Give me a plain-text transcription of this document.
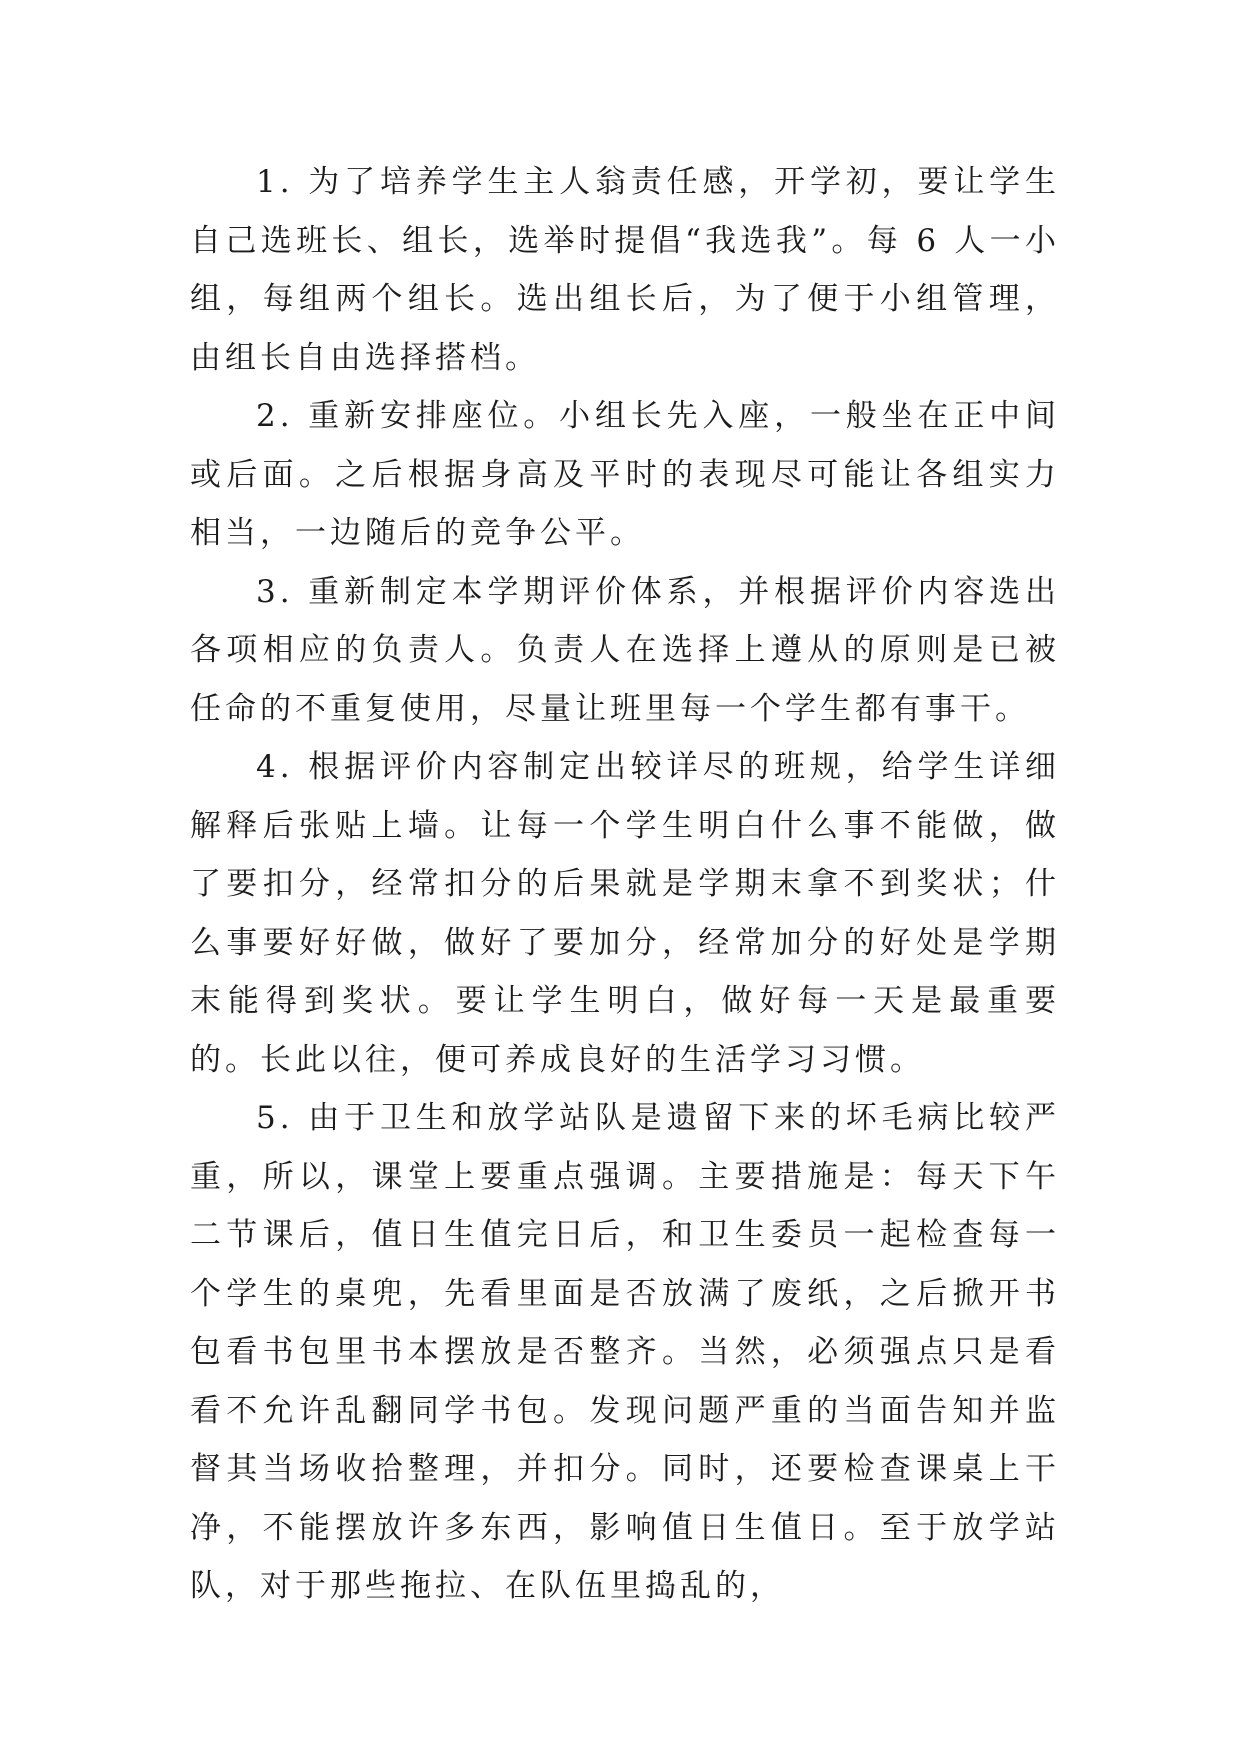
1. 为了培养学生主人翁责任感，开学初，要让学生自己选班长、组长，选举时提倡“我选我”。每 6 人一小组，每组两个组长。选出组长后，为了便于小组管理，由组长自由选择搭档。

2. 重新安排座位。小组长先入座，一般坐在正中间或后面。之后根据身高及平时的表现尽可能让各组实力相当，一边随后的竞争公平。

3. 重新制定本学期评价体系，并根据评价内容选出各项相应的负责人。负责人在选择上遵从的原则是已被任命的不重复使用，尽量让班里每一个学生都有事干。

4. 根据评价内容制定出较详尽的班规，给学生详细解释后张贴上墙。让每一个学生明白什么事不能做，做了要扣分，经常扣分的后果就是学期末拿不到奖状；什么事要好好做，做好了要加分，经常加分的好处是学期末能得到奖状。要让学生明白，做好每一天是最重要的。长此以往，便可养成良好的生活学习习惯。

5. 由于卫生和放学站队是遗留下来的坏毛病比较严重，所以，课堂上要重点强调。主要措施是：每天下午二节课后，值日生值完日后，和卫生委员一起检查每一个学生的桌兜，先看里面是否放满了废纸，之后掀开书包看书包里书本摆放是否整齐。当然，必须强点只是看看不允许乱翻同学书包。发现问题严重的当面告知并监督其当场收拾整理，并扣分。同时，还要检查课桌上干净，不能摆放许多东西，影响值日生值日。至于放学站队，对于那些拖拉、在队伍里捣乱的，
